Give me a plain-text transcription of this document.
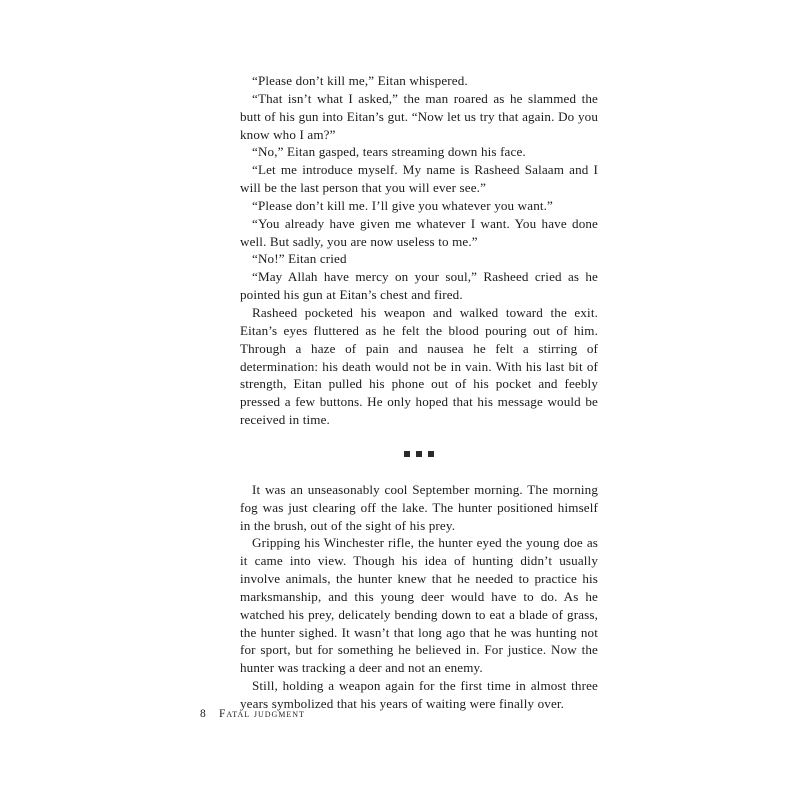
“Please don’t kill me,” Eitan whispered.

“That isn’t what I asked,” the man roared as he slammed the butt of his gun into Eitan’s gut. “Now let us try that again. Do you know who I am?”

“No,” Eitan gasped, tears streaming down his face.

“Let me introduce myself. My name is Rasheed Salaam and I will be the last person that you will ever see.”

“Please don’t kill me. I’ll give you whatever you want.”

“You already have given me whatever I want. You have done well. But sadly, you are now useless to me.”

“No!” Eitan cried

“May Allah have mercy on your soul,” Rasheed cried as he pointed his gun at Eitan’s chest and fired.

Rasheed pocketed his weapon and walked toward the exit. Eitan’s eyes fluttered as he felt the blood pouring out of him. Through a haze of pain and nausea he felt a stirring of determination: his death would not be in vain. With his last bit of strength, Eitan pulled his phone out of his pocket and feebly pressed a few buttons. He only hoped that his message would be received in time.

It was an unseasonably cool September morning. The morning fog was just clearing off the lake. The hunter positioned himself in the brush, out of the sight of his prey.

Gripping his Winchester rifle, the hunter eyed the young doe as it came into view. Though his idea of hunting didn’t usually involve animals, the hunter knew that he needed to practice his marksmanship, and this young deer would have to do. As he watched his prey, delicately bending down to eat a blade of grass, the hunter sighed. It wasn’t that long ago that he was hunting not for sport, but for something he believed in. For justice. Now the hunter was tracking a deer and not an enemy.

Still, holding a weapon again for the first time in almost three years symbolized that his years of waiting were finally over.

8 fatal judgment
